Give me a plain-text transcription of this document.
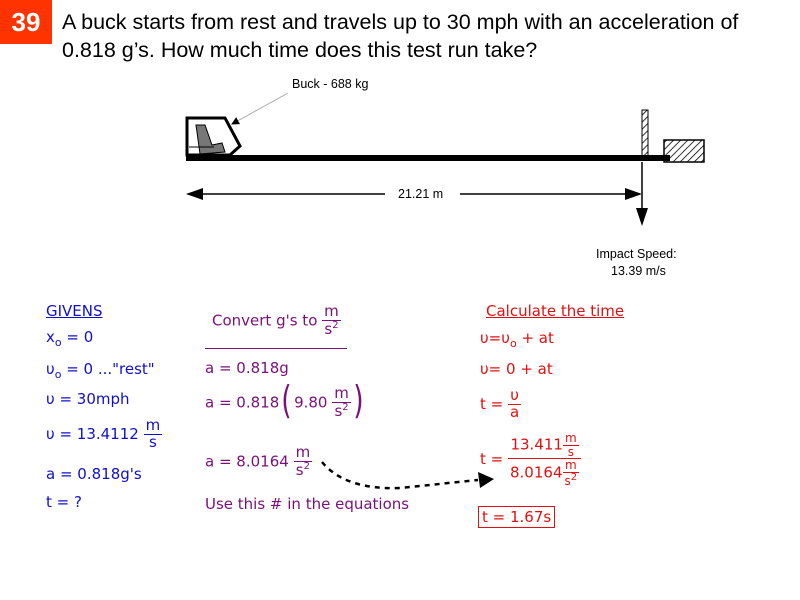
39 A buck starts from rest and travels up to 30 mph with an acceleration of 0.818 g’s. How much time does this test run take?
Buck - 688 kg
21.21 m
Impact Speed:
13.39 m/s
GIVENS
$x_o = 0$
$\upsilon_o = 0$ ..."rest"
υ = 30mph
$\upsilon = 13.4112 \frac{m}{s}$
a = 0.818g's
t = ?
Convert g's to $\frac{m}{s^2}$
a = 0.818g
a = 0.818( $9.80 \frac{m}{s^2}$ )
$a = 8.0164 \frac{m}{s^2}$
Use this # in the equations
Calculate the time
$\upsilon=\upsilon_o$ + at
υ= 0 + at
$t = \frac{\upsilon}{a}$
$t = \frac{13.411 \frac{m}{s}}{8.0164 \frac{m}{s^2}}$
t = 1.67s
